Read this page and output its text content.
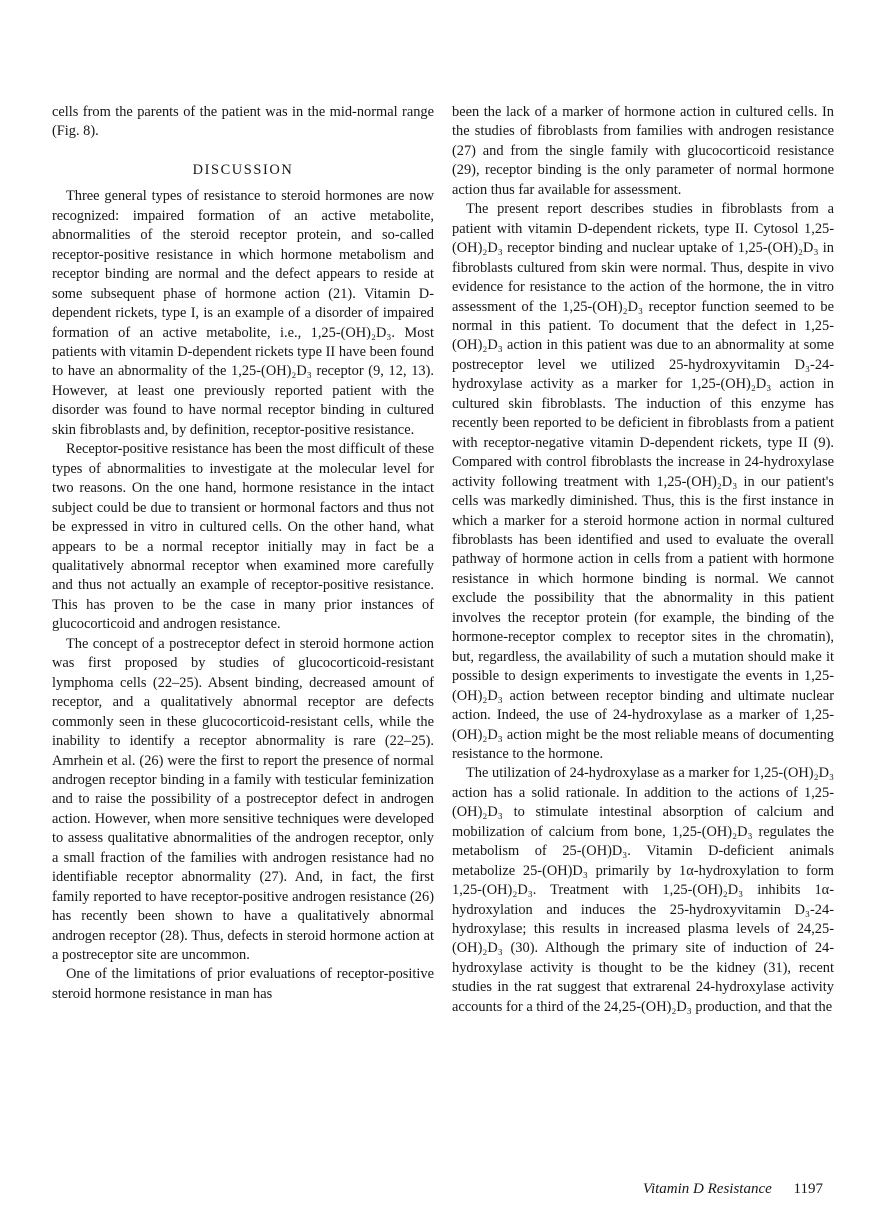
cells from the parents of the patient was in the mid-normal range (Fig. 8).

DISCUSSION

Three general types of resistance to steroid hormones are now recognized: impaired formation of an active metabolite, abnormalities of the steroid receptor protein, and so-called receptor-positive resistance in which hormone metabolism and receptor binding are normal and the defect appears to reside at some subsequent phase of hormone action (21). Vitamin D-dependent rickets, type I, is an example of a disorder of impaired formation of an active metabolite, i.e., 1,25-(OH)₂D₃. Most patients with vitamin D-dependent rickets type II have been found to have an abnormality of the 1,25-(OH)₂D₃ receptor (9, 12, 13). However, at least one previously reported patient with the disorder was found to have normal receptor binding in cultured skin fibroblasts and, by definition, receptor-positive resistance.

Receptor-positive resistance has been the most difficult of these types of abnormalities to investigate at the molecular level for two reasons. On the one hand, hormone resistance in the intact subject could be due to transient or hormonal factors and thus not be expressed in vitro in cultured cells. On the other hand, what appears to be a normal receptor initially may in fact be a qualitatively abnormal receptor when examined more carefully and thus not actually an example of receptor-positive resistance. This has proven to be the case in many prior instances of glucocorticoid and androgen resistance.

The concept of a postreceptor defect in steroid hormone action was first proposed by studies of glucocorticoid-resistant lymphoma cells (22–25). Absent binding, decreased amount of receptor, and a qualitatively abnormal receptor are defects commonly seen in these glucocorticoid-resistant cells, while the inability to identify a receptor abnormality is rare (22–25). Amrhein et al. (26) were the first to report the presence of normal androgen receptor binding in a family with testicular feminization and to raise the possibility of a postreceptor defect in androgen action. However, when more sensitive techniques were developed to assess qualitative abnormalities of the androgen receptor, only a small fraction of the families with androgen resistance had no identifiable receptor abnormality (27). And, in fact, the first family reported to have receptor-positive androgen resistance (26) has recently been shown to have a qualitatively abnormal androgen receptor (28). Thus, defects in steroid hormone action at a postreceptor site are uncommon.

One of the limitations of prior evaluations of receptor-positive steroid hormone resistance in man has

been the lack of a marker of hormone action in cultured cells. In the studies of fibroblasts from families with androgen resistance (27) and from the single family with glucocorticoid resistance (29), receptor binding is the only parameter of normal hormone action thus far available for assessment.

The present report describes studies in fibroblasts from a patient with vitamin D-dependent rickets, type II. Cytosol 1,25-(OH)₂D₃ receptor binding and nuclear uptake of 1,25-(OH)₂D₃ in fibroblasts cultured from skin were normal. Thus, despite in vivo evidence for resistance to the action of the hormone, the in vitro assessment of the 1,25-(OH)₂D₃ receptor function seemed to be normal in this patient. To document that the defect in 1,25-(OH)₂D₃ action in this patient was due to an abnormality at some postreceptor level we utilized 25-hydroxyvitamin D₃-24-hydroxylase activity as a marker for 1,25-(OH)₂D₃ action in cultured skin fibroblasts. The induction of this enzyme has recently been reported to be deficient in fibroblasts from a patient with receptor-negative vitamin D-dependent rickets, type II (9). Compared with control fibroblasts the increase in 24-hydroxylase activity following treatment with 1,25-(OH)₂D₃ in our patient's cells was markedly diminished. Thus, this is the first instance in which a marker for a steroid hormone action in normal cultured fibroblasts has been identified and used to evaluate the overall pathway of hormone action in cells from a patient with hormone resistance in which hormone binding is normal. We cannot exclude the possibility that the abnormality in this patient involves the receptor protein (for example, the binding of the hormone-receptor complex to receptor sites in the chromatin), but, regardless, the availability of such a mutation should make it possible to design experiments to investigate the events in 1,25-(OH)₂D₃ action between receptor binding and ultimate nuclear action. Indeed, the use of 24-hydroxylase as a marker of 1,25-(OH)₂D₃ action might be the most reliable means of documenting resistance to the hormone.

The utilization of 24-hydroxylase as a marker for 1,25-(OH)₂D₃ action has a solid rationale. In addition to the actions of 1,25-(OH)₂D₃ to stimulate intestinal absorption of calcium and mobilization of calcium from bone, 1,25-(OH)₂D₃ regulates the metabolism of 25-(OH)D₃. Vitamin D-deficient animals metabolize 25-(OH)D₃ primarily by 1α-hydroxylation to form 1,25-(OH)₂D₃. Treatment with 1,25-(OH)₂D₃ inhibits 1α-hydroxylation and induces the 25-hydroxyvitamin D₃-24-hydroxylase; this results in increased plasma levels of 24,25-(OH)₂D₃ (30). Although the primary site of induction of 24-hydroxylase activity is thought to be the kidney (31), recent studies in the rat suggest that extrarenal 24-hydroxylase activity accounts for a third of the 24,25-(OH)₂D₃ production, and that the

Vitamin D Resistance 1197
